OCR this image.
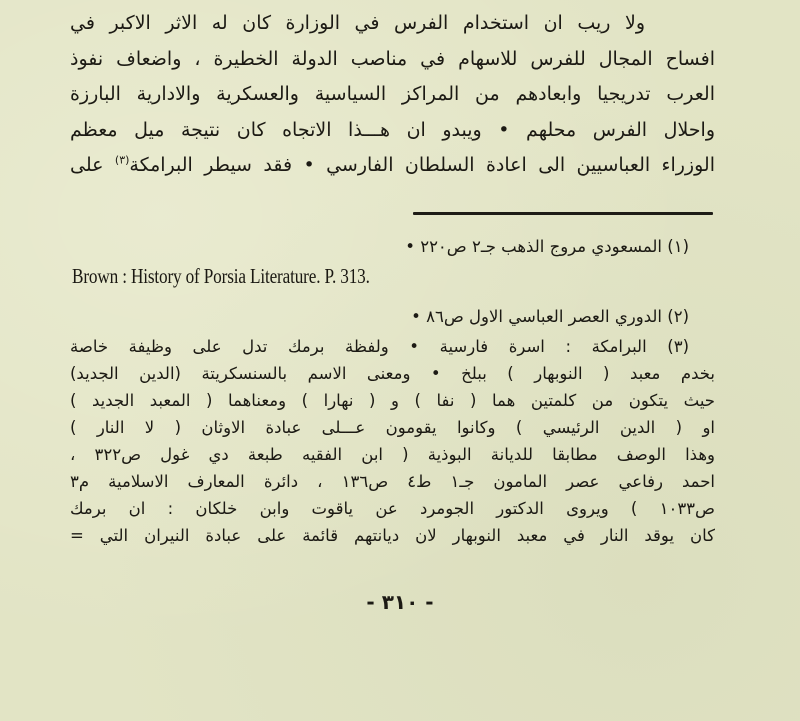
ولا ريب ان استخدام الفرس في الوزارة كان له الاثر الاكبر في
افساح المجال للفرس للاسهام في مناصب الدولة الخطيرة ، واضعاف نفوذ
العرب تدريجيا وابعادهم من المراكز السياسية والعسكرية والادارية البارزة
واحلال الفرس محلهم • ويبدو ان هـــذا الاتجاه كان نتيجة ميل معظم
الوزراء العباسيين الى اعادة السلطان الفارسي • فقد سيطر البرامكة$^{(٣)}$ على
(١) المسعودي مروج الذهب جـ٢ ص٢٢٠ •
Brown : History of Porsia Literature. P. 313.
(٢) الدوري العصر العباسي الاول ص٨٦ •
(٣) البرامكة : اسرة فارسية • ولفظة برمك تدل على وظيفة خاصة
بخدم معبد ( النوبهار ) ببلخ • ومعنى الاسم بالسنسكريتة (الدين الجديد)
حيث يتكون من كلمتين هما ( نفا ) و ( نهارا ) ومعناهما ( المعبد الجديد )
او ( الدين الرئيسي ) وكانوا يقومون عـــلى عبادة الاوثان ( لا النار )
وهذا الوصف مطابقا للديانة البوذية ( ابن الفقيه طبعة دي غول ص٣٢٢ ،
احمد رفاعي عصر المامون جـ١ ط٤ ص١٣٦ ، دائرة المعارف الاسلامية م٣
ص١٠٣٣ ) ويروى الدكتور الجومرد عن ياقوت وابن خلكان : ان برمك
كان يوقد النار في معبد النوبهار لان ديانتهم قائمة على عبادة النيران التي =
- ٣١٠ -
